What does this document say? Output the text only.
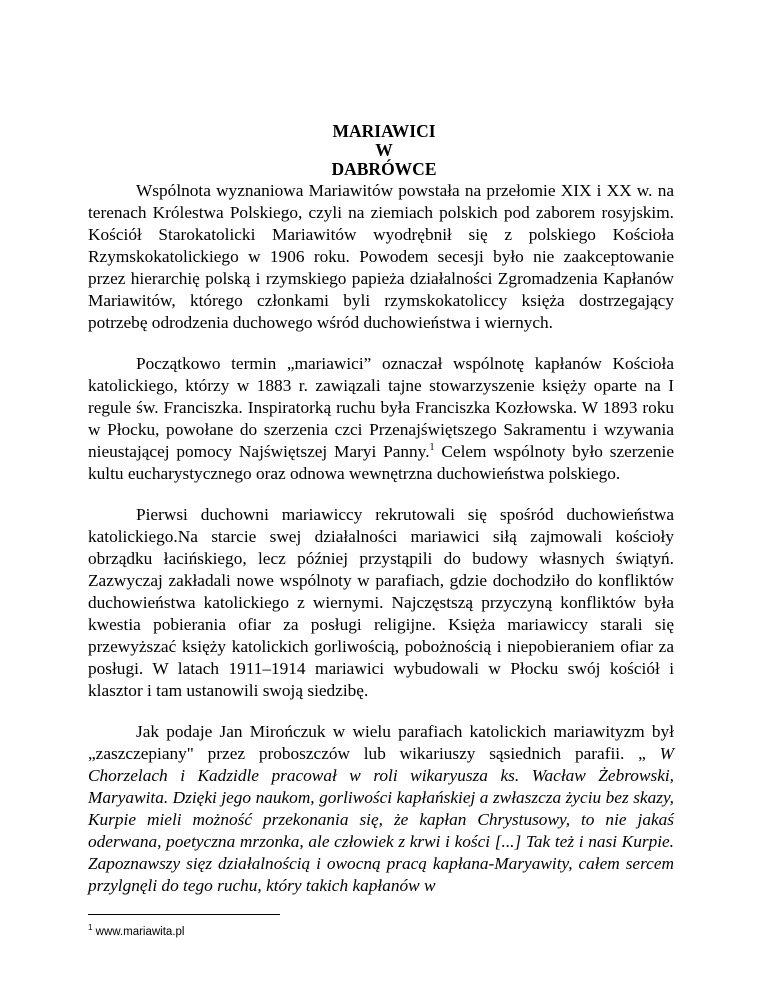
MARIAWICI
W
DABRÓWCE

Wspólnota wyznaniowa Mariawitów powstała na przełomie XIX i XX w. na terenach Królestwa Polskiego, czyli na ziemiach polskich pod zaborem rosyjskim. Kościół Starokatolicki Mariawitów wyodrębnił się z polskiego Kościoła Rzymskokatolickiego w 1906 roku. Powodem secesji było nie zaakceptowanie przez hierarchię polską i rzymskiego papieża działalności Zgromadzenia Kapłanów Mariawitów, którego członkami byli rzymskokatoliccy księża dostrzegający potrzebę odrodzenia duchowego wśród duchowieństwa i wiernych.

Początkowo termin „mariawici” oznaczał wspólnotę kapłanów Kościoła katolickiego, którzy w 1883 r. zawiązali tajne stowarzyszenie księży oparte na I regule św. Franciszka. Inspiratorką ruchu była Franciszka Kozłowska. W 1893 roku w Płocku, powołane do szerzenia czci Przenajświętszego Sakramentu i wzywania nieustającej pomocy Najświętszej Maryi Panny.$^1$ Celem wspólnoty było szerzenie kultu eucharystycznego oraz odnowa wewnętrzna duchowieństwa polskiego.

Pierwsi duchowni mariawiccy rekrutowali się spośród duchowieństwa katolickiego.Na starcie swej działalności mariawici siłą zajmowali kościoły obrządku łacińskiego, lecz później przystąpili do budowy własnych świątyń. Zazwyczaj zakładali nowe wspólnoty w parafiach, gdzie dochodziło do konfliktów duchowieństwa katolickiego z wiernymi. Najczęstszą przyczyną konfliktów była kwestia pobierania ofiar za posługi religijne. Księża mariawiccy starali się przewyższać księży katolickich gorliwością, pobożnością i niepobieraniem ofiar za posługi. W latach 1911–1914 mariawici wybudowali w Płocku swój kościół i klasztor i tam ustanowili swoją siedzibę.

Jak podaje Jan Mirończuk w wielu parafiach katolickich mariawityzm był „zaszczepiany" przez proboszczów lub wikariuszy sąsiednich parafii. „ W Chorzelach i Kadzidle pracował w roli wikaryusza ks. Wacław Żebrowski, Maryawita. Dzięki jego naukom, gorliwości kapłańskiej a zwłaszcza życiu bez skazy, Kurpie mieli możność przekonania się, że kapłan Chrystusowy, to nie jakaś oderwana, poetyczna mrzonka, ale człowiek z krwi i kości [...] Tak też i nasi Kurpie. Zapoznawszy sięz działalnością i owocną pracą kapłana-Maryawity, całem sercem przylgnęli do tego ruchu, który takich kapłanów w

$^1$ www.mariawita.pl
